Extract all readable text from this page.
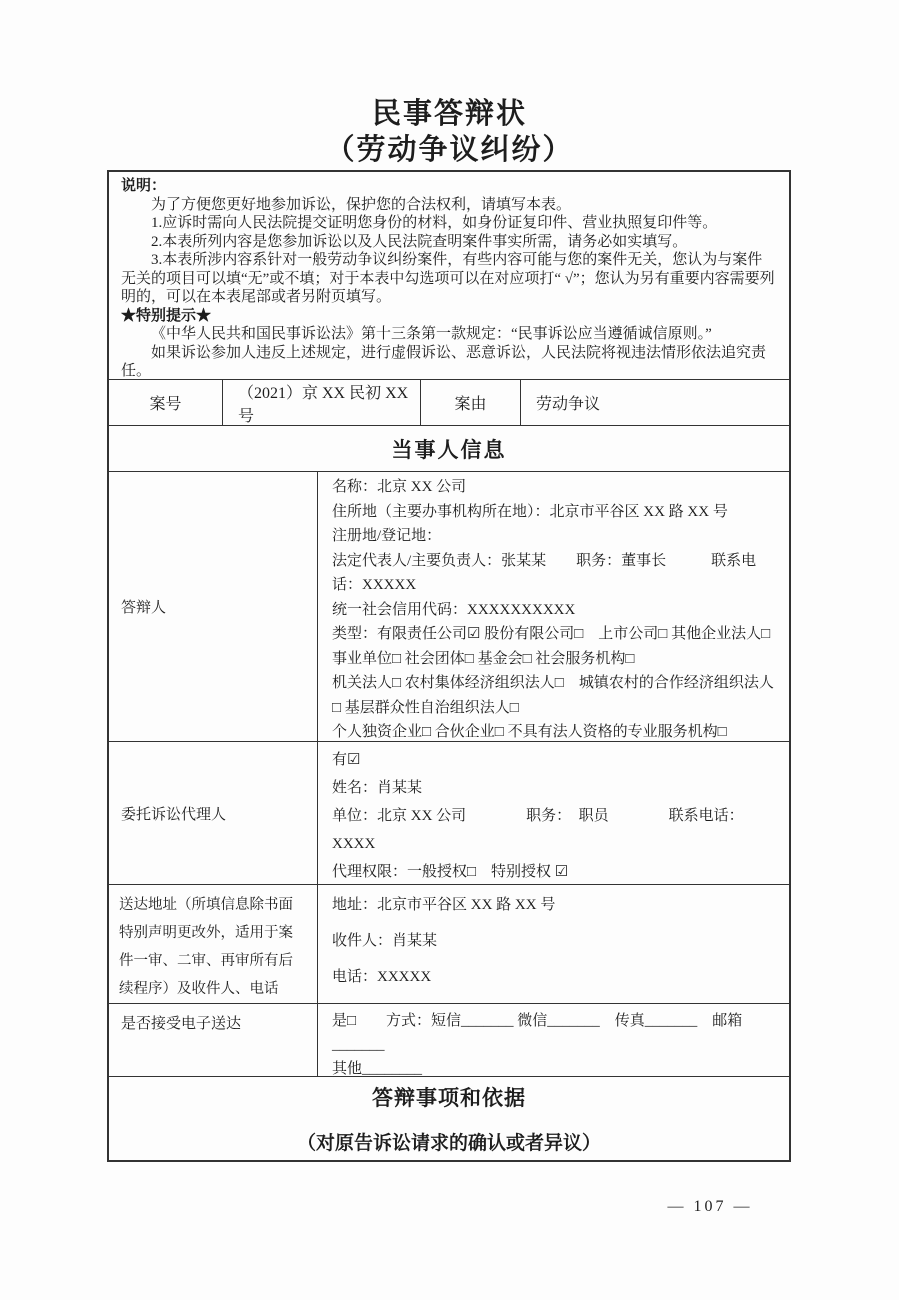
民事答辩状

（劳动争议纠纷）

说明：

为了方便您更好地参加诉讼，保护您的合法权利，请填写本表。

1.应诉时需向人民法院提交证明您身份的材料，如身份证复印件、营业执照复印件等。

2.本表所列内容是您参加诉讼以及人民法院查明案件事实所需，请务必如实填写。

3.本表所涉内容系针对一般劳动争议纠纷案件，有些内容可能与您的案件无关，您认为与案件无关的项目可以填“无”或不填；对于本表中勾选项可以在对应项打“ √”；您认为另有重要内容需要列明的，可以在本表尾部或者另附页填写。

★特别提示★

《中华人民共和国民事诉讼法》第十三条第一款规定：“民事诉讼应当遵循诚信原则。”

如果诉讼参加人违反上述规定，进行虚假诉讼、恶意诉讼，人民法院将视违法情形依法追究责任。

案号
（2021）京 XX 民初 XX 号
案由	劳动争议
当事人信息
答辩人

名称：北京 XX 公司

住所地（主要办事机构所在地）：北京市平谷区 XX 路 XX 号

注册地/登记地：

法定代表人/主要负责人：张某某　　职务：董事长　　　联系电话：XXXXX

统一社会信用代码：XXXXXXXXXX

类型：有限责任公司☑ 股份有限公司□　上市公司□ 其他企业法人□

事业单位□ 社会团体□ 基金会□ 社会服务机构□

机关法人□ 农村集体经济组织法人□　城镇农村的合作经济组织法人□ 基层群众性自治组织法人□

个人独资企业□ 合伙企业□ 不具有法人资格的专业服务机构□

委托诉讼代理人

有☑

姓名：肖某某

单位：北京 XX 公司　　　　职务：　职员　　　　联系电话：XXXX

代理权限：一般授权□　特别授权 ☑

送达地址（所填信息除书面特别声明更改外，适用于案件一审、二审、再审所有后续程序）及收件人、电话

地址：北京市平谷区 XX 路 XX 号

收件人：肖某某

电话：XXXXX

是否接受电子送达	是□　　方式：短信_______ 微信_______　传真_______　邮箱_______

其他________

答辩事项和依据

（对原告诉讼请求的确认或者异议）

— 107 —
